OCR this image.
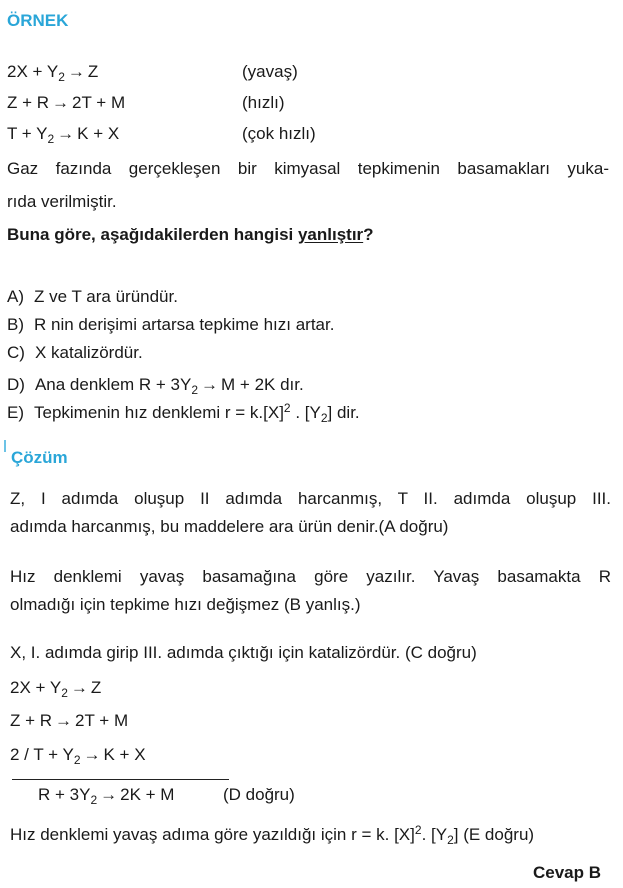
ÖRNEK
$2X + Y_2 \to Z$	(yavaş)
Z + R → 2T + M	(hızlı)
$T + Y_2 \to K + X$	(çok hızlı)
Gaz fazında gerçekleşen bir kimyasal tepkimenin basamakları yuka-
rıda verilmiştir.
Buna göre, aşağıdakilerden hangisi yanlıştır?
A) Z ve T ara üründür.
B) R nin derişimi artarsa tepkime hızı artar.
C) X katalizördür.
D) Ana denklem $R + 3Y_2 \to M + 2K$ dır.
E) Tepkimenin hız denklemi $r = k.[X]^2$ . $[Y_2]$ dir.
Çözüm
Z, I adımda oluşup II adımda harcanmış, T II. adımda oluşup III.
adımda harcanmış, bu maddelere ara ürün denir.(A doğru)
Hız denklemi yavaş basamağına göre yazılır. Yavaş basamakta R
olmadığı için tepkime hızı değişmez (B yanlış.)
X, I. adımda girip III. adımda çıktığı için katalizördür. (C doğru)
$2X + Y_2 \to Z$
Z + R → 2T + M
$2 / T + Y_2 \to K + X$
$R + 3Y_2 \to 2K + M$	(D doğru)
Hız denklemi yavaş adıma göre yazıldığı için r = k. $[X]^2$. $[Y_2]$ (E doğru)
Cevap B
